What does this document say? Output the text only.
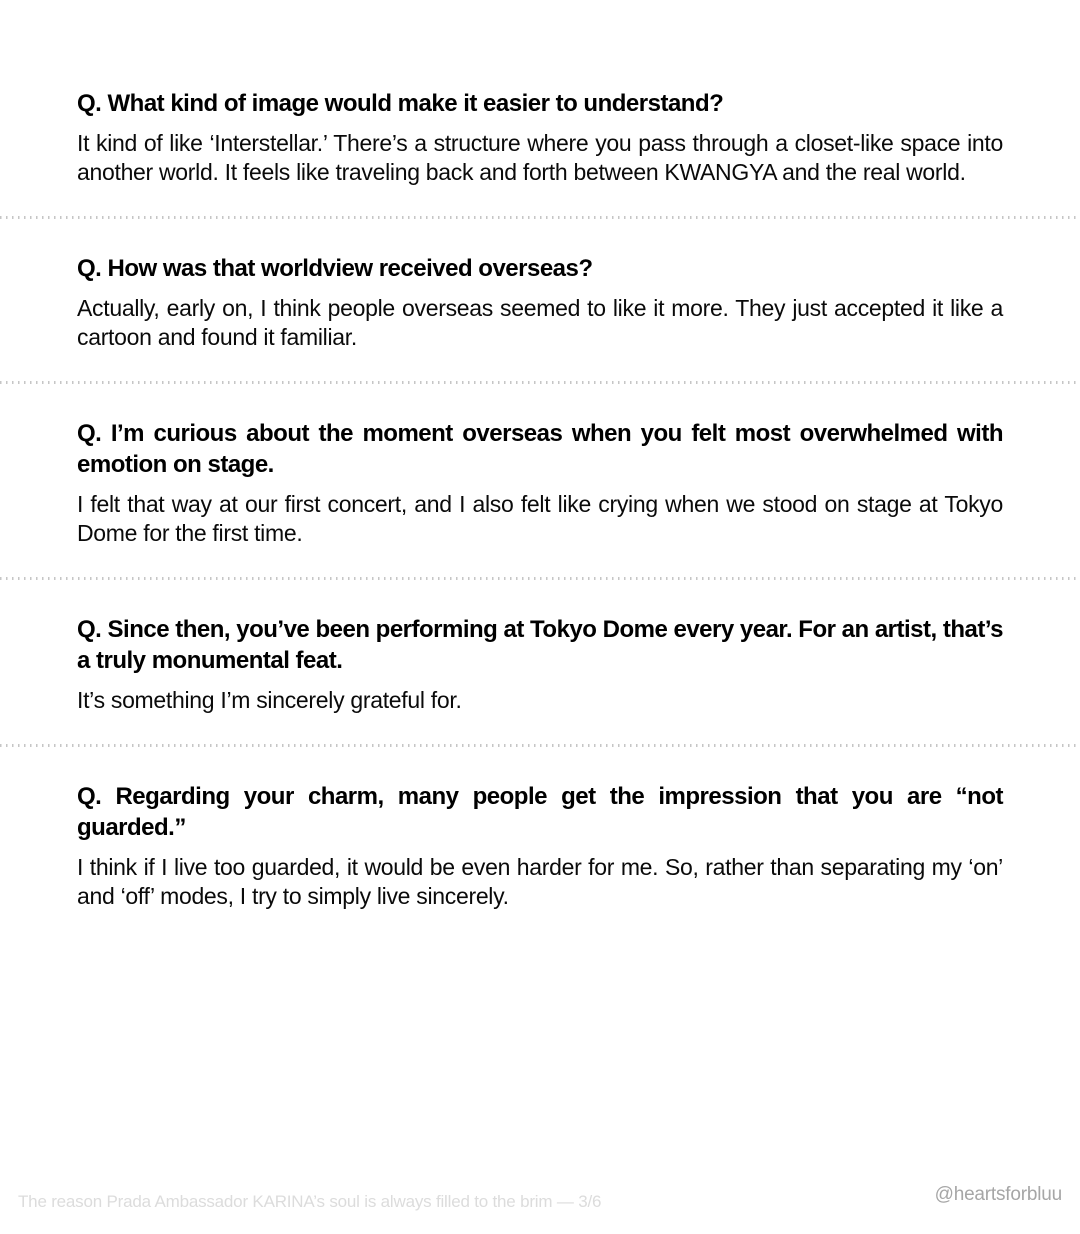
Q. What kind of image would make it easier to understand?

It kind of like ‘Interstellar.’ There’s a structure where you pass through a closet-like space into another world. It feels like traveling back and forth between KWANGYA and the real world.

Q. How was that worldview received overseas?

Actually, early on, I think people overseas seemed to like it more. They just accepted it like a cartoon and found it familiar.

Q. I’m curious about the moment overseas when you felt most overwhelmed with emotion on stage.

I felt that way at our first concert, and I also felt like crying when we stood on stage at Tokyo Dome for the first time.

Q. Since then, you’ve been performing at Tokyo Dome every year. For an artist, that’s a truly monumental feat.

It’s something I’m sincerely grateful for.

Q. Regarding your charm, many people get the impression that you are “not guarded.”

I think if I live too guarded, it would be even harder for me. So, rather than separating my ‘on’ and ‘off’ modes, I try to simply live sincerely.

The reason Prada Ambassador KARINA’s soul is always filled to the brim — 3/6	@heartsforbluu
